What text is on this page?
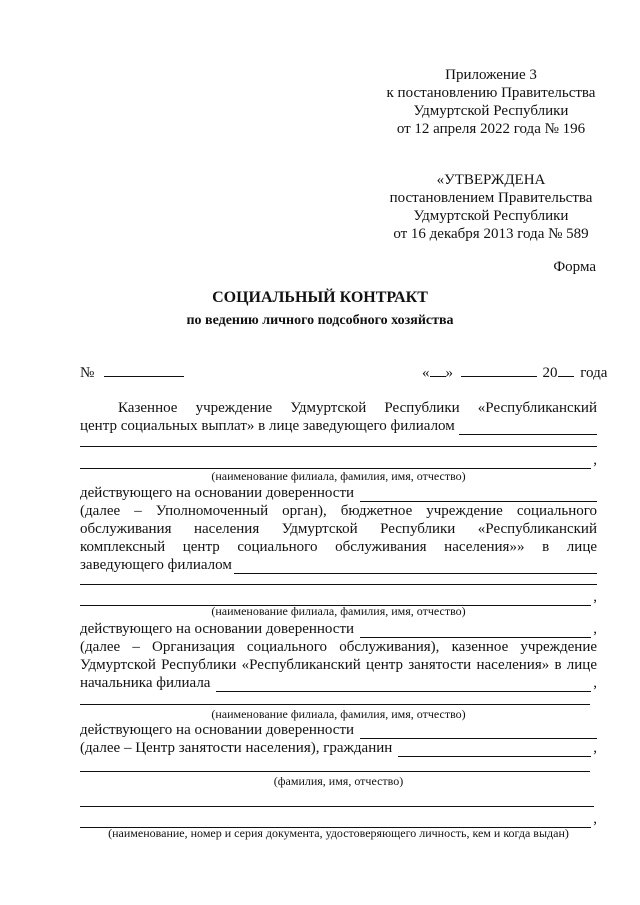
Приложение 3
к постановлению Правительства
Удмуртской Республики
от 12 апреля 2022 года № 196
«УТВЕРЖДЕНА
постановлением Правительства
Удмуртской Республики
от 16 декабря 2013 года № 589
Форма
СОЦИАЛЬНЫЙ КОНТРАКТ
по ведению личного подсобного хозяйства
№	« »	20 года
Казенное учреждение Удмуртской Республики «Республиканский
центр социальных выплат» в лице заведующего филиалом
,
(наименование филиала, фамилия, имя, отчество)
действующего на основании доверенности
(далее – Уполномоченный орган), бюджетное учреждение социального
обслуживания населения Удмуртской Республики «Республиканский
комплексный центр социального обслуживания населения»» в лице
заведующего филиалом
,
(наименование филиала, фамилия, имя, отчество)
действующего на основании доверенности	,
(далее – Организация социального обслуживания), казенное учреждение
Удмуртской Республики «Республиканский центр занятости населения» в лице
начальника филиала	,
(наименование филиала, фамилия, имя, отчество)
действующего на основании доверенности
(далее – Центр занятости населения), гражданин	,
(фамилия, имя, отчество)
,
(наименование, номер и серия документа, удостоверяющего личность, кем и когда выдан)
